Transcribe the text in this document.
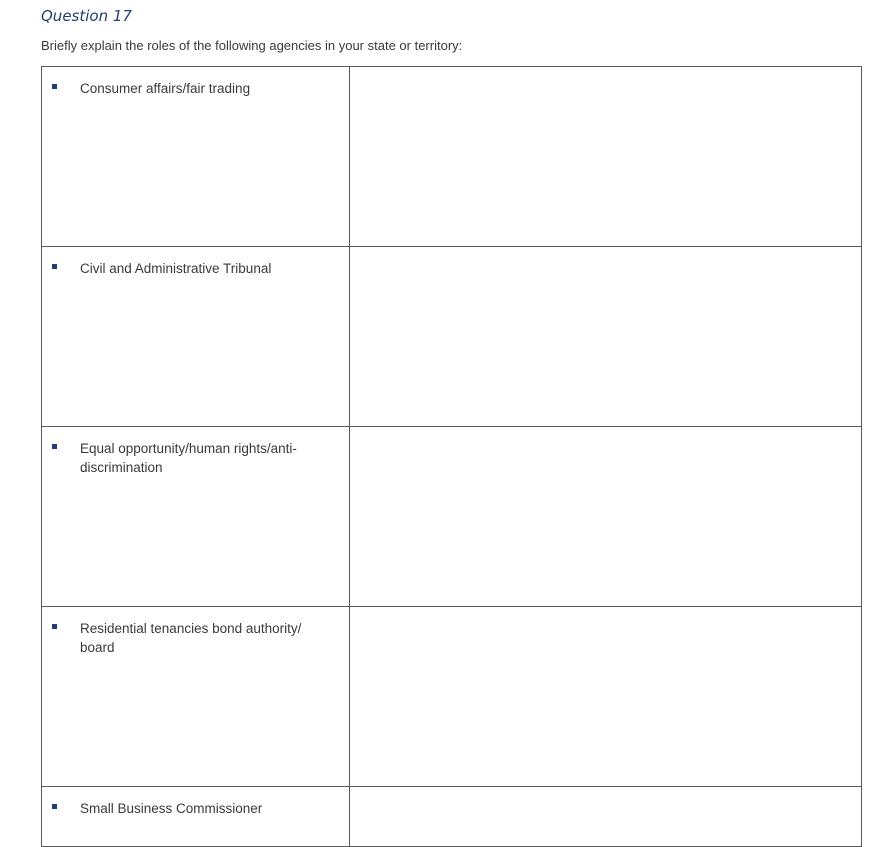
Question 17

Briefly explain the roles of the following agencies in your state or territory:

Consumer affairs/fair trading	

Civil and Administrative Tribunal	

Equal opportunity/human rights/anti-discrimination	

Residential tenancies bond authority/ board	

Small Business Commissioner	
